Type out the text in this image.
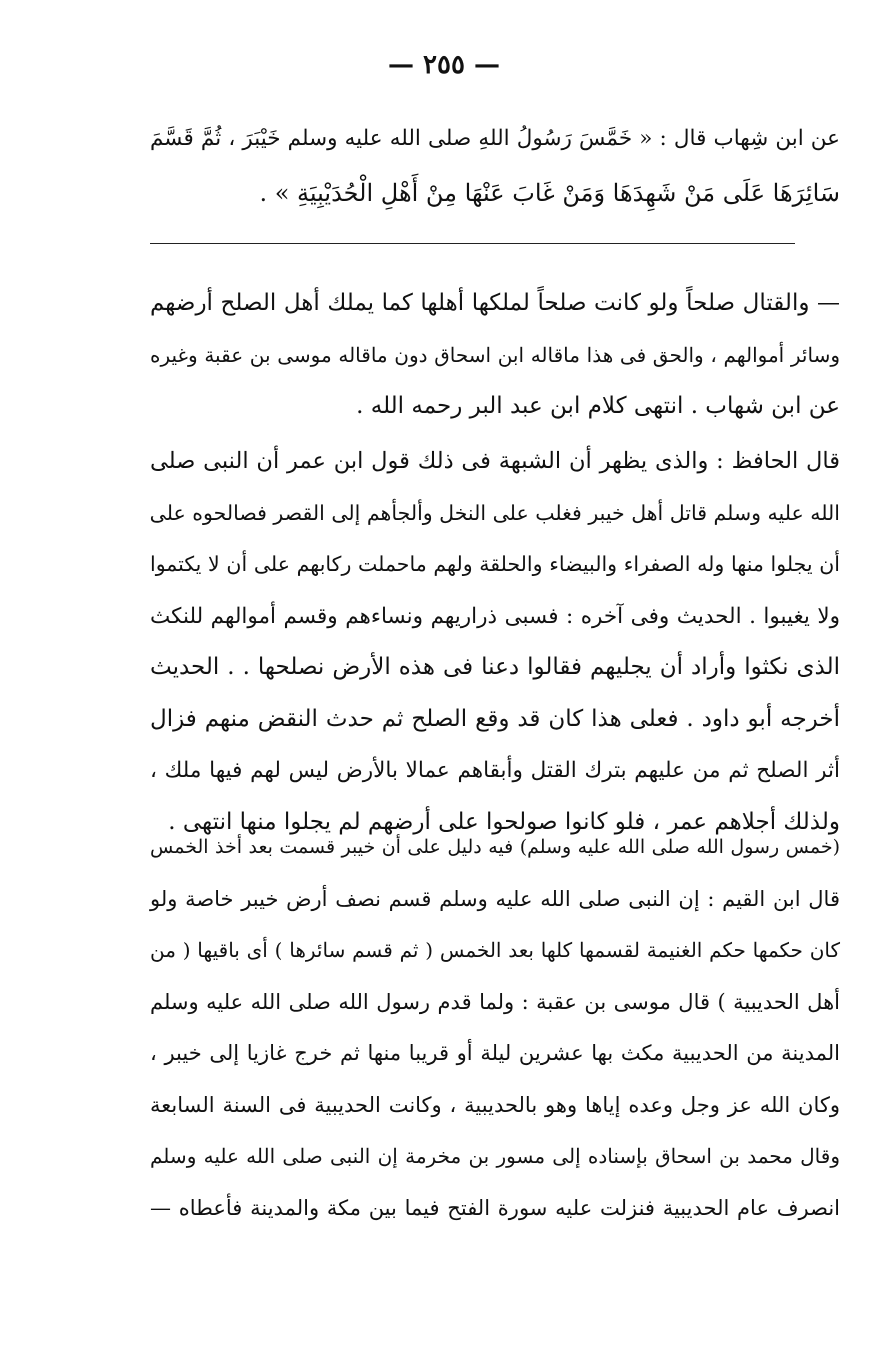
— ٢٥٥ —
عن ابن شِهاب قال : « خَمَّسَ رَسُولُ اللهِ صلى الله عليه وسلم خَيْبَرَ ، ثُمَّ قَسَّمَ
سَائِرَهَا عَلَى مَنْ شَهِدَهَا وَمَنْ غَابَ عَنْهَا مِنْ أَهْلِ الْحُدَيْبِيَةِ » .
— والقتال صلحاً ولو كانت صلحاً لملكها أهلها كما يملك أهل الصلح أرضهم
وسائر أموالهم ، والحق فى هذا ماقاله ابن اسحاق دون ماقاله موسى بن عقبة وغيره
عن ابن شهاب . انتهى كلام ابن عبد البر رحمه الله .
قال الحافظ : والذى يظهر أن الشبهة فى ذلك قول ابن عمر أن النبى صلى
الله عليه وسلم قاتل أهل خيبر فغلب على النخل وألجأهم إلى القصر فصالحوه على
أن يجلوا منها وله الصفراء والبيضاء والحلقة ولهم ماحملت ركابهم على أن لا يكتموا
ولا يغيبوا . الحديث وفى آخره : فسبى ذراريهم ونساءهم وقسم أموالهم للنكث
الذى نكثوا وأراد أن يجليهم فقالوا دعنا فى هذه الأرض نصلحها . . الحديث
أخرجه أبو داود . فعلى هذا كان قد وقع الصلح ثم حدث النقض منهم فزال
أثر الصلح ثم من عليهم بترك القتل وأبقاهم عمالا بالأرض ليس لهم فيها ملك ،
ولذلك أجلاهم عمر ، فلو كانوا صولحوا على أرضهم لم يجلوا منها انتهى .
(خمس رسول الله صلى الله عليه وسلم) فيه دليل على أن خيبر قسمت بعد أخذ الخمس
قال ابن القيم : إن النبى صلى الله عليه وسلم قسم نصف أرض خيبر خاصة ولو
كان حكمها حكم الغنيمة لقسمها كلها بعد الخمس ( ثم قسم سائرها ) أى باقيها ( من
أهل الحديبية ) قال موسى بن عقبة : ولما قدم رسول الله صلى الله عليه وسلم
المدينة من الحديبية مكث بها عشرين ليلة أو قريبا منها ثم خرج غازيا إلى خيبر ،
وكان الله عز وجل وعده إياها وهو بالحديبية ، وكانت الحديبية فى السنة السابعة
وقال محمد بن اسحاق بإسناده إلى مسور بن مخرمة إن النبى صلى الله عليه وسلم
انصرف عام الحديبية فنزلت عليه سورة الفتح فيما بين مكة والمدينة فأعطاه —
